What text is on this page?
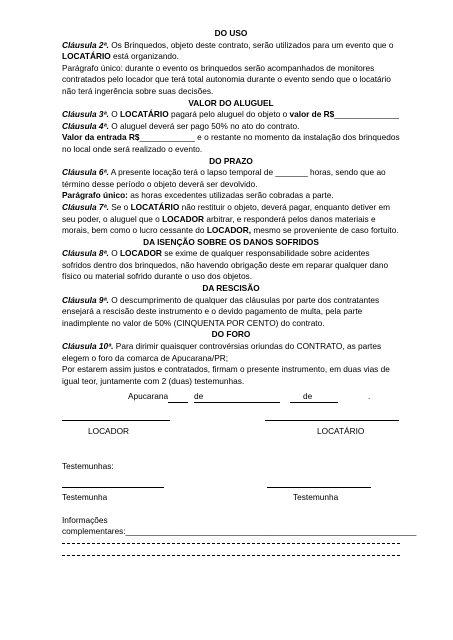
DO USO

Cláusula 2ª. Os Brinquedos, objeto deste contrato, serão utilizados para um evento que o LOCATÁRIO está organizando.

Parágrafo único: durante o evento os brinquedos serão acompanhados de monitores contratados pelo locador que terá total autonomia durante o evento sendo que o locatário não terá ingerência sobre suas decisões.

VALOR DO ALUGUEL

Cláusula 3ª. O LOCATÁRIO pagará pelo aluguel do objeto o valor de R$______________

Cláusula 4ª. O aluguel deverá ser pago 50% no ato do contrato.

Valor da entrada R$____________ e o restante no momento da instalação dos brinquedos no local onde será realizado o evento.

DO PRAZO

Cláusula 6ª. A presente locação terá o lapso temporal de _______ horas, sendo que ao término desse período o objeto deverá ser devolvido.

Parágrafo único: as horas excedentes utilizadas serão cobradas a parte.

Cláusula 7ª. Se o LOCATÁRIO não restituir o objeto, deverá pagar, enquanto detiver em seu poder, o aluguel que o LOCADOR arbitrar, e responderá pelos danos materiais e morais, bem como o lucro cessante do LOCADOR, mesmo se proveniente de caso fortuito.

DA ISENÇÃO SOBRE OS DANOS SOFRIDOS

Cláusula 8ª. O LOCADOR se exime de qualquer responsabilidade sobre acidentes sofridos dentro dos brinquedos, não havendo obrigação deste em reparar qualquer dano físico ou material sofrido durante o uso dos objetos.

DA RESCISÃO

Cláusula 9ª. O descumprimento de qualquer das cláusulas por parte dos contratantes ensejará a rescisão deste instrumento e o devido pagamento de multa, pela parte inadimplente no valor de 50% (CINQUENTA POR CENTO) do contrato.

DO FORO

Cláusula 10ª. Para dirimir quaisquer controvérsias oriundas do CONTRATO, as partes elegem o foro da comarca de Apucarana/PR;

Por estarem assim justos e contratados, firmam o presente instrumento, em duas vias de igual teor, juntamente com 2 (duas) testemunhas.

Apucarana	de	de	.
LOCADOR	LOCATÁRIO
Testemunhas:
Testemunha	Testemunha
Informações
complementares:_______________________________________________________________
